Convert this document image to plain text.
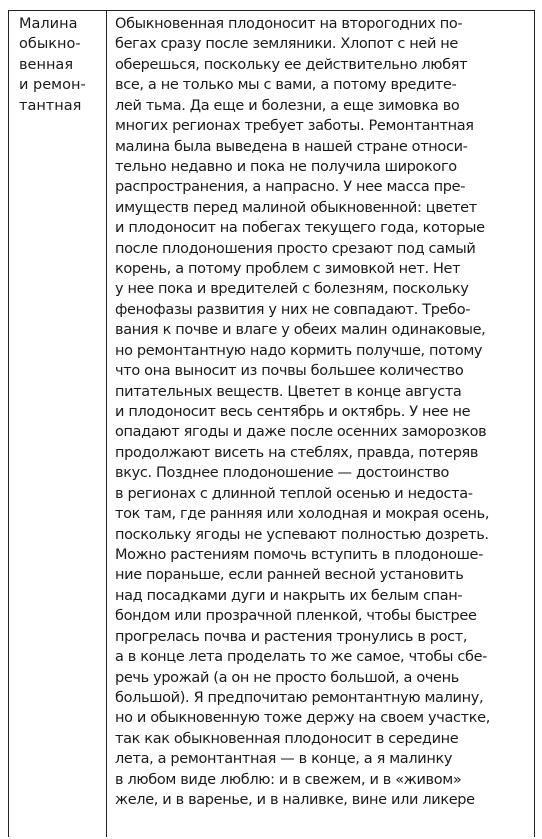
Малина
обыкно-
венная
и ремон-
тантная
Обыкновенная плодоносит на второгодних по-
бегах сразу после земляники. Хлопот с ней не
оберешься, поскольку ее действительно любят
все, а не только мы с вами, а потому вредите-
лей тьма. Да еще и болезни, а еще зимовка во
многих регионах требует заботы. Ремонтантная
малина была выведена в нашей стране относи-
тельно недавно и пока не получила широкого
распространения, а напрасно. У нее масса пре-
имуществ перед малиной обыкновенной: цветет
и плодоносит на побегах текущего года, которые
после плодоношения просто срезают под самый
корень, а потому проблем с зимовкой нет. Нет
у нее пока и вредителей с болезням, поскольку
фенофазы развития у них не совпадают. Требо-
вания к почве и влаге у обеих малин одинаковые,
но ремонтантную надо кормить получше, потому
что она выносит из почвы большее количество
питательных веществ. Цветет в конце августа
и плодоносит весь сентябрь и октябрь. У нее не
опадают ягоды и даже после осенних заморозков
продолжают висеть на стеблях, правда, потеряв
вкус. Позднее плодоношение — достоинство
в регионах с длинной теплой осенью и недоста-
ток там, где ранняя или холодная и мокрая осень,
поскольку ягоды не успевают полностью дозреть.
Можно растениям помочь вступить в плодоноше-
ние пораньше, если ранней весной установить
над посадками дуги и накрыть их белым спан-
бондом или прозрачной пленкой, чтобы быстрее
прогрелась почва и растения тронулись в рост,
а в конце лета проделать то же самое, чтобы сбе-
речь урожай (а он не просто большой, а очень
большой). Я предпочитаю ремонтантную малину,
но и обыкновенную тоже держу на своем участке,
так как обыкновенная плодоносит в середине
лета, а ремонтантная — в конце, а я малинку
в любом виде люблю: и в свежем, и в «живом»
желе, и в варенье, и в наливке, вине или ликере
